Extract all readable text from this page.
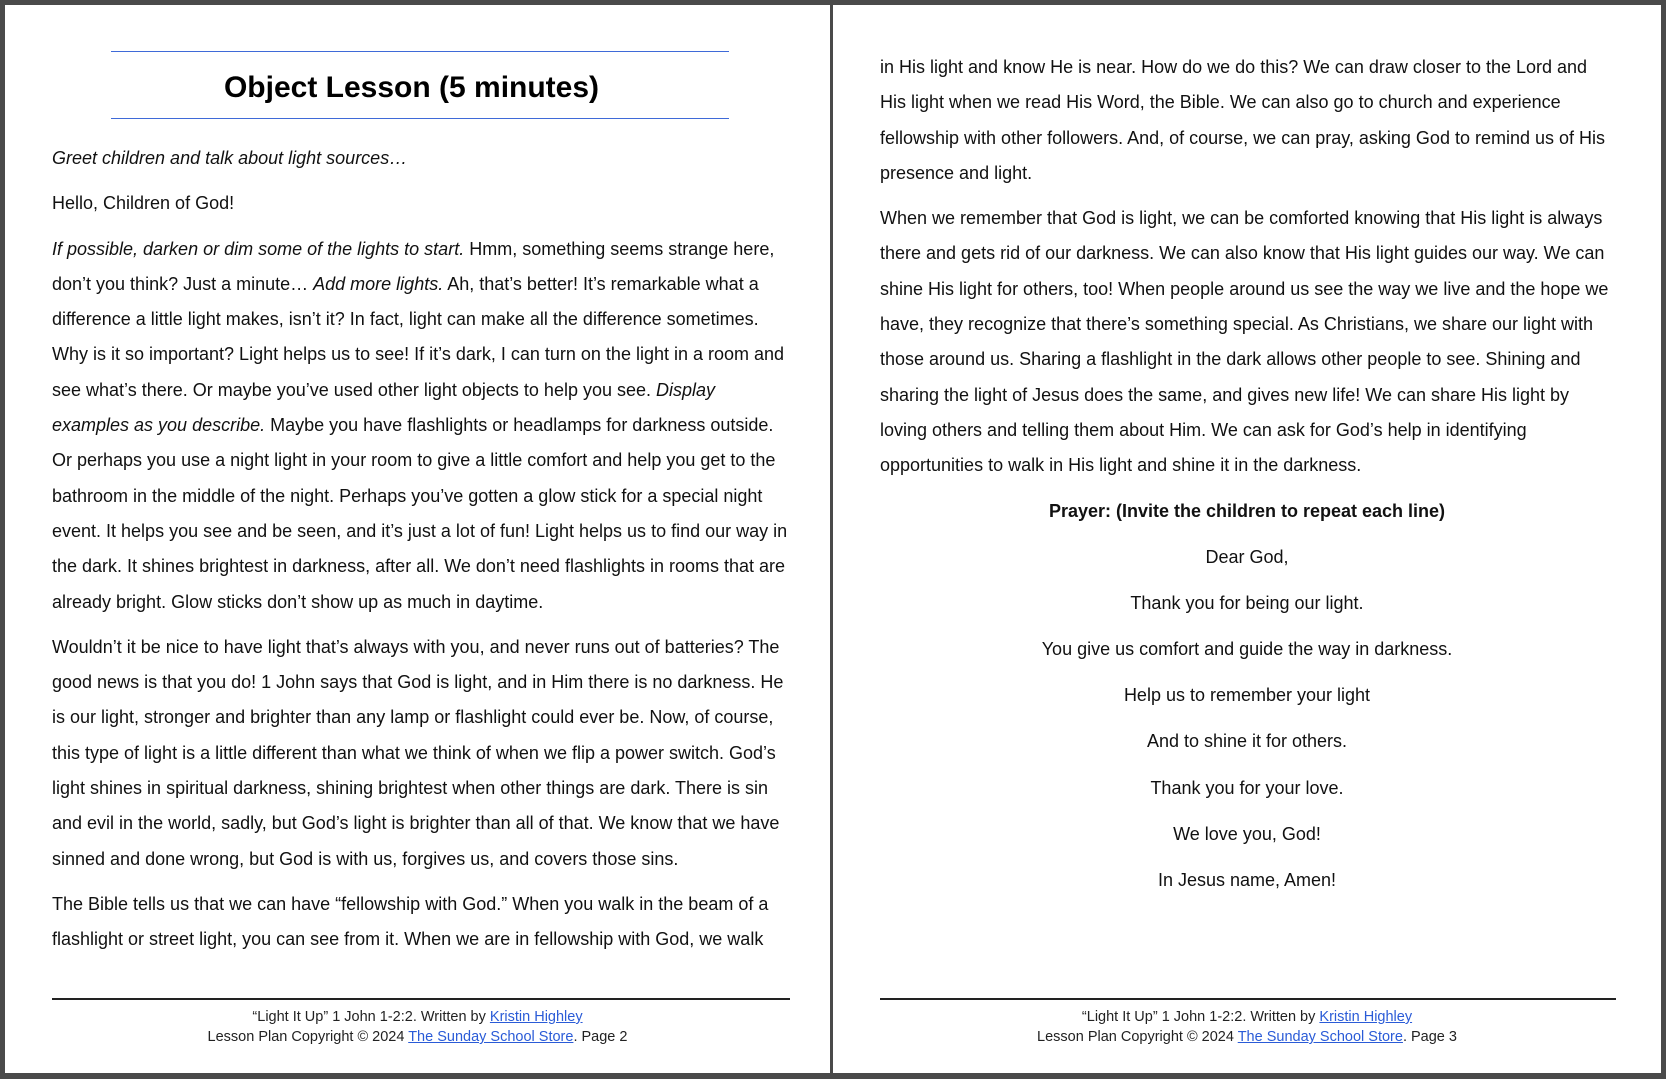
Object Lesson (5 minutes)

Greet children and talk about light sources…

Hello, Children of God!

If possible, darken or dim some of the lights to start. Hmm, something seems strange here, don’t you think? Just a minute… Add more lights. Ah, that’s better! It’s remarkable what a difference a little light makes, isn’t it? In fact, light can make all the difference sometimes. Why is it so important? Light helps us to see! If it’s dark, I can turn on the light in a room and see what’s there. Or maybe you’ve used other light objects to help you see. Display examples as you describe. Maybe you have flashlights or headlamps for darkness outside. Or perhaps you use a night light in your room to give a little comfort and help you get to the bathroom in the middle of the night. Perhaps you’ve gotten a glow stick for a special night event. It helps you see and be seen, and it’s just a lot of fun! Light helps us to find our way in the dark. It shines brightest in darkness, after all. We don’t need flashlights in rooms that are already bright. Glow sticks don’t show up as much in daytime.

Wouldn’t it be nice to have light that’s always with you, and never runs out of batteries? The good news is that you do! 1 John says that God is light, and in Him there is no darkness. He is our light, stronger and brighter than any lamp or flashlight could ever be. Now, of course, this type of light is a little different than what we think of when we flip a power switch. God’s light shines in spiritual darkness, shining brightest when other things are dark. There is sin and evil in the world, sadly, but God’s light is brighter than all of that. We know that we have sinned and done wrong, but God is with us, forgives us, and covers those sins.

The Bible tells us that we can have “fellowship with God.” When you walk in the beam of a flashlight or street light, you can see from it. When we are in fellowship with God, we walk

“Light It Up” 1 John 1-2:2. Written by Kristin Highley
Lesson Plan Copyright © 2024 The Sunday School Store. Page 2

in His light and know He is near. How do we do this? We can draw closer to the Lord and His light when we read His Word, the Bible. We can also go to church and experience fellowship with other followers. And, of course, we can pray, asking God to remind us of His presence and light.

When we remember that God is light, we can be comforted knowing that His light is always there and gets rid of our darkness. We can also know that His light guides our way. We can shine His light for others, too! When people around us see the way we live and the hope we have, they recognize that there’s something special. As Christians, we share our light with those around us. Sharing a flashlight in the dark allows other people to see. Shining and sharing the light of Jesus does the same, and gives new life! We can share His light by loving others and telling them about Him. We can ask for God’s help in identifying opportunities to walk in His light and shine it in the darkness.

Prayer: (Invite the children to repeat each line)
Dear God,
Thank you for being our light.
You give us comfort and guide the way in darkness.
Help us to remember your light
And to shine it for others.
Thank you for your love.
We love you, God!
In Jesus name, Amen!
“Light It Up” 1 John 1-2:2. Written by Kristin Highley
Lesson Plan Copyright © 2024 The Sunday School Store. Page 3
